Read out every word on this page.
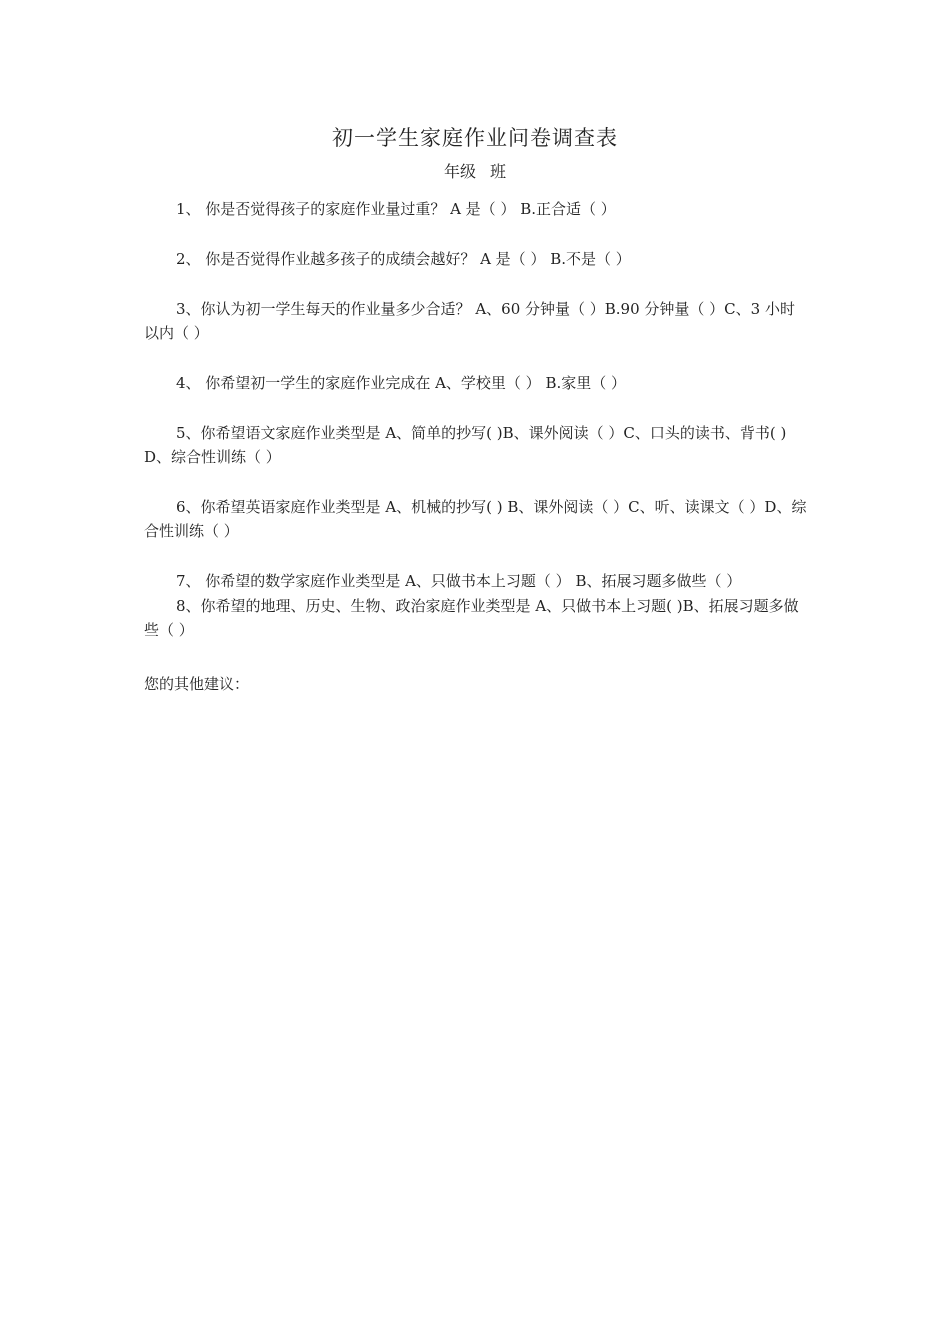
初一学生家庭作业问卷调查表
年级 班

1、 你是否觉得孩子的家庭作业量过重？ A 是（ ） B.正合适（ ）

2、 你是否觉得作业越多孩子的成绩会越好？ A 是（ ） B.不是（ ）

3、你认为初一学生每天的作业量多少合适？ A、60 分钟量（ ）B.90 分钟量（ ）C、3 小时以内（ ）

4、 你希望初一学生的家庭作业完成在 A、学校里（ ） B.家里（ ）

5、你希望语文家庭作业类型是 A、简单的抄写( )B、课外阅读（ ）C、口头的读书、背书( ) D、综合性训练（ ）

6、你希望英语家庭作业类型是 A、机械的抄写( ) B、课外阅读（ ）C、听、读课文（ ）D、综合性训练（ ）

7、 你希望的数学家庭作业类型是 A、只做书本上习题（ ） B、拓展习题多做些（ ）

8、你希望的地理、历史、生物、政治家庭作业类型是 A、只做书本上习题( )B、拓展习题多做些（ ）

您的其他建议：
